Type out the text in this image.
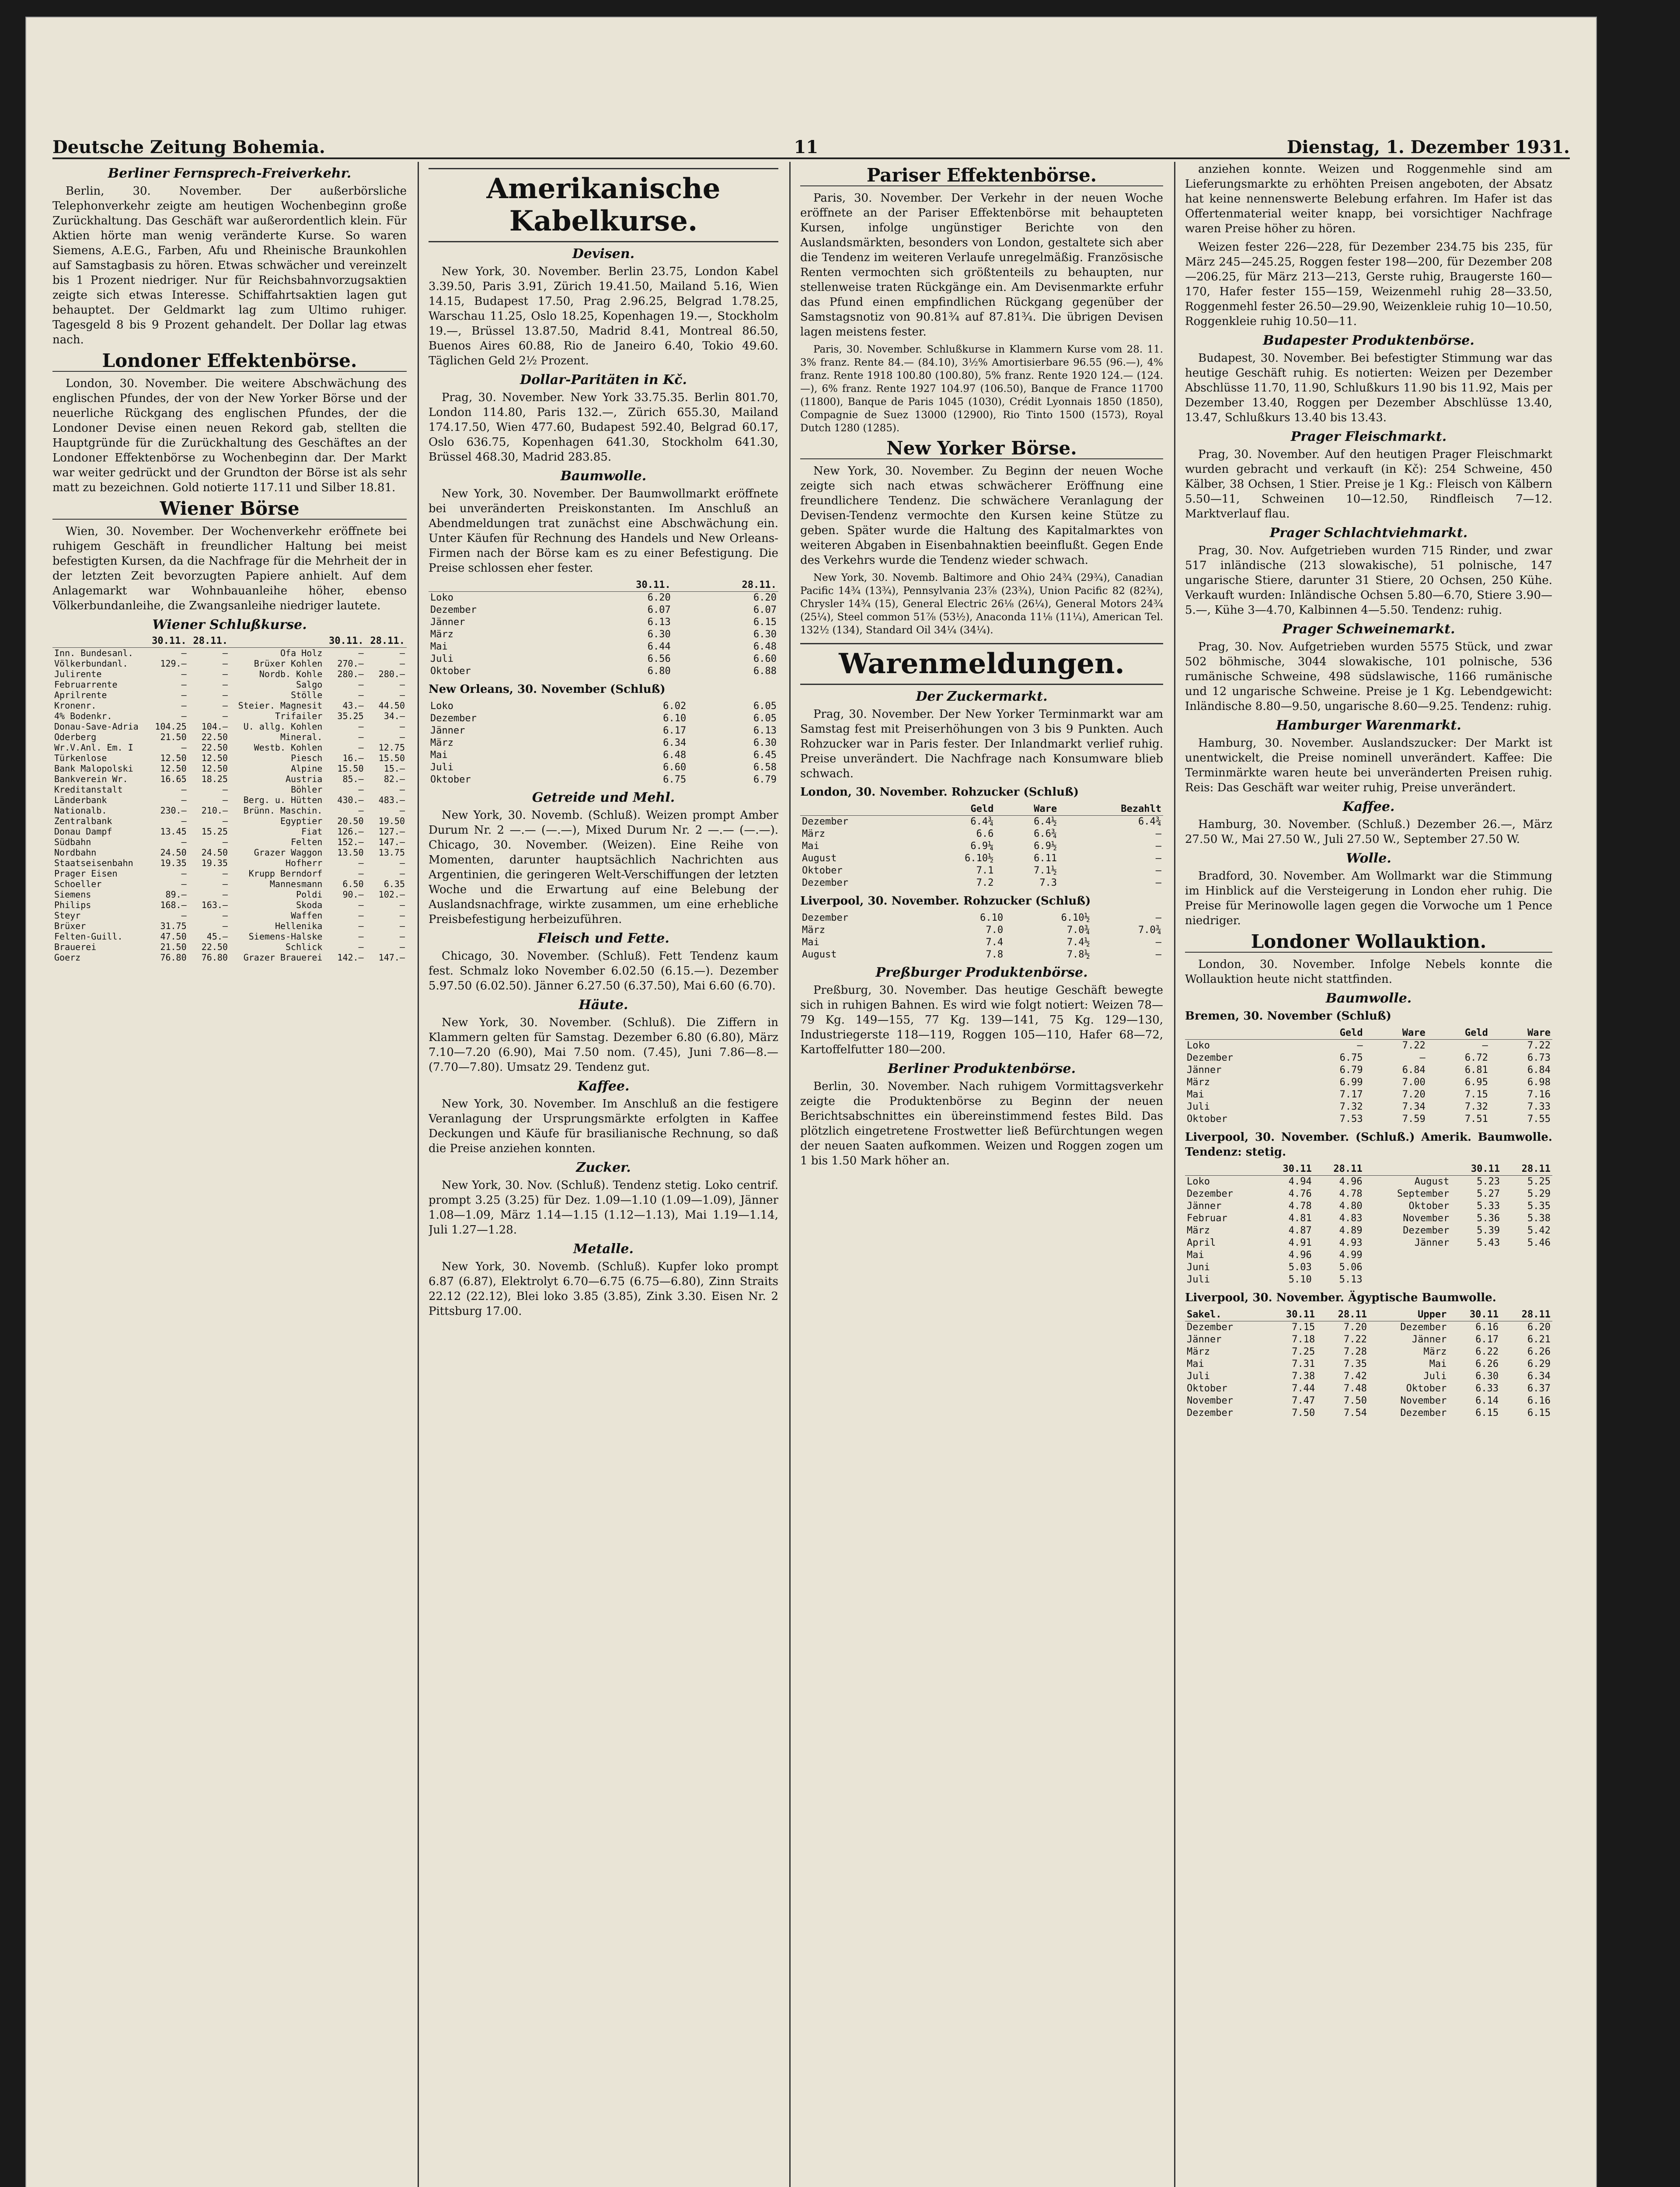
Deutsche Zeitung Bohemia.	11	Dienstag, 1. Dezember 1931.
Berliner Fernsprech-Freiverkehr.

Berlin, 30. November. Der außerbörsliche Telephonverkehr zeigte am heutigen Wochenbeginn große Zurückhaltung. Das Geschäft war außerordentlich klein. Für Aktien hörte man wenig veränderte Kurse. So waren Siemens, A.E.G., Farben, Afu und Rheinische Braunkohlen auf Samstagbasis zu hören. Etwas schwächer und vereinzelt bis 1 Prozent niedriger. Nur für Reichsbahnvorzugsaktien zeigte sich etwas Interesse. Schiffahrtsaktien lagen gut behauptet. Der Geldmarkt lag zum Ultimo ruhiger. Tagesgeld 8 bis 9 Prozent gehandelt. Der Dollar lag etwas nach.

Londoner Effektenbörse.

London, 30. November. Die weitere Abschwächung des englischen Pfundes, der von der New Yorker Börse und der neuerliche Rückgang des englischen Pfundes, der die Londoner Devise einen neuen Rekord gab, stellten die Hauptgründe für die Zurückhaltung des Geschäftes an der Londoner Effektenbörse zu Wochenbeginn dar. Der Markt war weiter gedrückt und der Grundton der Börse ist als sehr matt zu bezeichnen. Gold notierte 117.11 und Silber 18.81.

Wiener Börse

Wien, 30. November. Der Wochenverkehr eröffnete bei ruhigem Geschäft in freundlicher Haltung bei meist befestigten Kursen, da die Nachfrage für die Mehrheit der in der letzten Zeit bevorzugten Papiere anhielt. Auf dem Anlagemarkt war Wohnbauanleihe höher, ebenso Völkerbundanleihe, die Zwangsanleihe niedriger lautete.

Wiener Schlußkurse.
	30.11.	28.11.		30.11.	28.11.
Inn. Bundesanl.	—	—	Ofa Holz	—	—
Völkerbundanl.	129.—	—	Brüxer Kohlen	270.—	—
Julirente	—	—	Nordb. Kohle	280.—	280.—
Februarrente	—	—	Salgo	—	—
Aprilrente	—	—	Stölle	—	—
Kronenr.	—	—	Steier. Magnesit	43.—	44.50
4% Bodenkr.	—	—	Trifailer	35.25	34.—
Donau-Save-Adria	104.25	104.—	U. allg. Kohlen	—	—
Oderberg	21.50	22.50	Mineral.	—	—
Wr.V.Anl. Em. I	—	22.50	Westb. Kohlen	—	12.75
Türkenlose	12.50	12.50	Piesch	16.—	15.50
Bank Malopolski	12.50	12.50	Alpine	15.50	15.—
Bankverein Wr.	16.65	18.25	Austria	85.—	82.—
Kreditanstalt	—	—	Böhler	—	—
Länderbank	—	—	Berg. u. Hütten	430.—	483.—
Nationalb.	230.—	210.—	Brünn. Maschin.	—	—
Zentralbank	—	—	Egyptier	20.50	19.50
Donau Dampf	13.45	15.25	Fiat	126.—	127.—
Südbahn	—	—	Felten	152.—	147.—
Nordbahn	24.50	24.50	Grazer Waggon	13.50	13.75
Staatseisenbahn	19.35	19.35	Hofherr	—	—
Prager Eisen	—	—	Krupp Berndorf	—	—
Schoeller	—	—	Mannesmann	6.50	6.35
Siemens	89.—	—	Poldi	90.—	102.—
Philips	168.—	163.—	Skoda	—	—
Steyr	—	—	Waffen	—	—
Brüxer	31.75	—	Hellenika	—	—
Felten-Guill.	47.50	45.—	Siemens-Halske	—	—
Brauerei	21.50	22.50	Schlick	—	—
Goerz	76.80	76.80	Grazer Brauerei	142.—	147.—
Amerikanische Kabelkurse.
Devisen.

New York, 30. November. Berlin 23.75, London Kabel 3.39.50, Paris 3.91, Zürich 19.41.50, Mailand 5.16, Wien 14.15, Budapest 17.50, Prag 2.96.25, Belgrad 1.78.25, Warschau 11.25, Oslo 18.25, Kopenhagen 19.—, Stockholm 19.—, Brüssel 13.87.50, Madrid 8.41, Montreal 86.50, Buenos Aires 60.88, Rio de Janeiro 6.40, Tokio 49.60. Täglichen Geld 2½ Prozent.

Dollar-Paritäten in Kč.

Prag, 30. November. New York 33.75.35. Berlin 801.70, London 114.80, Paris 132.—, Zürich 655.30, Mailand 174.17.50, Wien 477.60, Budapest 592.40, Belgrad 60.17, Oslo 636.75, Kopenhagen 641.30, Stockholm 641.30, Brüssel 468.30, Madrid 283.85.

Baumwolle.

New York, 30. November. Der Baumwollmarkt eröffnete bei unveränderten Preiskonstanten. Im Anschluß an Abendmeldungen trat zunächst eine Abschwächung ein. Unter Käufen für Rechnung des Handels und New Orleans-Firmen nach der Börse kam es zu einer Befestigung. Die Preise schlossen eher fester.

	30.11.	28.11.
Loko	6.20	6.20
Dezember	6.07	6.07
Jänner	6.13	6.15
März	6.30	6.30
Mai	6.44	6.48
Juli	6.56	6.60
Oktober	6.80	6.88

New Orleans, 30. November (Schluß)

Loko	6.02	6.05
Dezember	6.10	6.05
Jänner	6.17	6.13
März	6.34	6.30
Mai	6.48	6.45
Juli	6.60	6.58
Oktober	6.75	6.79
Getreide und Mehl.

New York, 30. Novemb. (Schluß). Weizen prompt Amber Durum Nr. 2 —.— (—.—), Mixed Durum Nr. 2 —.— (—.—). Chicago, 30. November. (Weizen). Eine Reihe von Momenten, darunter hauptsächlich Nachrichten aus Argentinien, die geringeren Welt-Verschiffungen der letzten Woche und die Erwartung auf eine Belebung der Auslandsnachfrage, wirkte zusammen, um eine erhebliche Preisbefestigung herbeizuführen.

Fleisch und Fette.

Chicago, 30. November. (Schluß). Fett Tendenz kaum fest. Schmalz loko November 6.02.50 (6.15.—). Dezember 5.97.50 (6.02.50). Jänner 6.27.50 (6.37.50), Mai 6.60 (6.70).

Häute.

New York, 30. November. (Schluß). Die Ziffern in Klammern gelten für Samstag. Dezember 6.80 (6.80), März 7.10—7.20 (6.90), Mai 7.50 nom. (7.45), Juni 7.86—8.— (7.70—7.80). Umsatz 29. Tendenz gut.

Kaffee.

New York, 30. November. Im Anschluß an die festigere Veranlagung der Ursprungsmärkte erfolgten in Kaffee Deckungen und Käufe für brasilianische Rechnung, so daß die Preise anziehen konnten.

Zucker.

New York, 30. Nov. (Schluß). Tendenz stetig. Loko centrif. prompt 3.25 (3.25) für Dez. 1.09—1.10 (1.09—1.09), Jänner 1.08—1.09, März 1.14—1.15 (1.12—1.13), Mai 1.19—1.14, Juli 1.27—1.28.

Metalle.

New York, 30. Novemb. (Schluß). Kupfer loko prompt 6.87 (6.87), Elektrolyt 6.70—6.75 (6.75—6.80), Zinn Straits 22.12 (22.12), Blei loko 3.85 (3.85), Zink 3.30. Eisen Nr. 2 Pittsburg 17.00.

Pariser Effektenbörse.

Paris, 30. November. Der Verkehr in der neuen Woche eröffnete an der Pariser Effektenbörse mit behaupteten Kursen, infolge ungünstiger Berichte von den Auslandsmärkten, besonders von London, gestaltete sich aber die Tendenz im weiteren Verlaufe unregelmäßig. Französische Renten vermochten sich größtenteils zu behaupten, nur stellenweise traten Rückgänge ein. Am Devisenmarkte erfuhr das Pfund einen empfindlichen Rückgang gegenüber der Samstagsnotiz von 90.81¾ auf 87.81¾. Die übrigen Devisen lagen meistens fester.

Paris, 30. November. Schlußkurse in Klammern Kurse vom 28. 11. 3% franz. Rente 84.— (84.10), 3½% Amortisierbare 96.55 (96.—), 4% franz. Rente 1918 100.80 (100.80), 5% franz. Rente 1920 124.— (124.—), 6% franz. Rente 1927 104.97 (106.50), Banque de France 11700 (11800), Banque de Paris 1045 (1030), Crédit Lyonnais 1850 (1850), Compagnie de Suez 13000 (12900), Rio Tinto 1500 (1573), Royal Dutch 1280 (1285).

New Yorker Börse.

New York, 30. November. Zu Beginn der neuen Woche zeigte sich nach etwas schwächerer Eröffnung eine freundlichere Tendenz. Die schwächere Veranlagung der Devisen-Tendenz vermochte den Kursen keine Stütze zu geben. Später wurde die Haltung des Kapitalmarktes von weiteren Abgaben in Eisenbahnaktien beeinflußt. Gegen Ende des Verkehrs wurde die Tendenz wieder schwach.

New York, 30. Novemb. Baltimore and Ohio 24¾ (29¾), Canadian Pacific 14¾ (13¾), Pennsylvania 23⅞ (23¾), Union Pacific 82 (82¾), Chrysler 14¾ (15), General Electric 26⅛ (26¼), General Motors 24¾ (25¼), Steel common 51⅞ (53½), Anaconda 11⅛ (11¼), American Tel. 132½ (134), Standard Oil 34¼ (34¼).

Warenmeldungen.
Der Zuckermarkt.

Prag, 30. November. Der New Yorker Terminmarkt war am Samstag fest mit Preiserhöhungen von 3 bis 9 Punkten. Auch Rohzucker war in Paris fester. Der Inlandmarkt verlief ruhig. Preise unverändert. Die Nachfrage nach Konsumware blieb schwach.

London, 30. November. Rohzucker (Schluß)

	Geld	Ware	Bezahlt
Dezember	6.4¾	6.4½	6.4¾
März	6.6	6.6¾	—
Mai	6.9¼	6.9½	—
August	6.10½	6.11	—
Oktober	7.1	7.1½	—
Dezember	7.2	7.3	—

Liverpool, 30. November. Rohzucker (Schluß)

Dezember	6.10	6.10½	—
März	7.0	7.0¾	7.0¾
Mai	7.4	7.4½	—
August	7.8	7.8½	—
Preßburger Produktenbörse.

Preßburg, 30. November. Das heutige Geschäft bewegte sich in ruhigen Bahnen. Es wird wie folgt notiert: Weizen 78—79 Kg. 149—155, 77 Kg. 139—141, 75 Kg. 129—130, Industriegerste 118—119, Roggen 105—110, Hafer 68—72, Kartoffelfutter 180—200.

Berliner Produktenbörse.

Berlin, 30. November. Nach ruhigem Vormittagsverkehr zeigte die Produktenbörse zu Beginn der neuen Berichtsabschnittes ein übereinstimmend festes Bild. Das plötzlich eingetretene Frostwetter ließ Befürchtungen wegen der neuen Saaten aufkommen. Weizen und Roggen zogen um 1 bis 1.50 Mark höher an.

anziehen konnte. Weizen und Roggenmehle sind am Lieferungsmarkte zu erhöhten Preisen angeboten, der Absatz hat keine nennenswerte Belebung erfahren. Im Hafer ist das Offertenmaterial weiter knapp, bei vorsichtiger Nachfrage waren Preise höher zu hören.

Weizen fester 226—228, für Dezember 234.75 bis 235, für März 245—245.25, Roggen fester 198—200, für Dezember 208—206.25, für März 213—213, Gerste ruhig, Braugerste 160—170, Hafer fester 155—159, Weizenmehl ruhig 28—33.50, Roggenmehl fester 26.50—29.90, Weizenkleie ruhig 10—10.50, Roggenkleie ruhig 10.50—11.

Budapester Produktenbörse.

Budapest, 30. November. Bei befestigter Stimmung war das heutige Geschäft ruhig. Es notierten: Weizen per Dezember Abschlüsse 11.70, 11.90, Schlußkurs 11.90 bis 11.92, Mais per Dezember 13.40, Roggen per Dezember Abschlüsse 13.40, 13.47, Schlußkurs 13.40 bis 13.43.

Prager Fleischmarkt.

Prag, 30. November. Auf den heutigen Prager Fleischmarkt wurden gebracht und verkauft (in Kč): 254 Schweine, 450 Kälber, 38 Ochsen, 1 Stier. Preise je 1 Kg.: Fleisch von Kälbern 5.50—11, Schweinen 10—12.50, Rindfleisch 7—12. Marktverlauf flau.

Prager Schlachtviehmarkt.

Prag, 30. Nov. Aufgetrieben wurden 715 Rinder, und zwar 517 inländische (213 slowakische), 51 polnische, 147 ungarische Stiere, darunter 31 Stiere, 20 Ochsen, 250 Kühe. Verkauft wurden: Inländische Ochsen 5.80—6.70, Stiere 3.90—5.—, Kühe 3—4.70, Kalbinnen 4—5.50. Tendenz: ruhig.

Prager Schweinemarkt.

Prag, 30. Nov. Aufgetrieben wurden 5575 Stück, und zwar 502 böhmische, 3044 slowakische, 101 polnische, 536 rumänische Schweine, 498 südslawische, 1166 rumänische und 12 ungarische Schweine. Preise je 1 Kg. Lebendgewicht: Inländische 8.80—9.50, ungarische 8.60—9.25. Tendenz: ruhig.

Hamburger Warenmarkt.

Hamburg, 30. November. Auslandszucker: Der Markt ist unentwickelt, die Preise nominell unverändert. Kaffee: Die Terminmärkte waren heute bei unveränderten Preisen ruhig. Reis: Das Geschäft war weiter ruhig, Preise unverändert.

Kaffee.

Hamburg, 30. November. (Schluß.) Dezember 26.—, März 27.50 W., Mai 27.50 W., Juli 27.50 W., September 27.50 W.

Wolle.

Bradford, 30. November. Am Wollmarkt war die Stimmung im Hinblick auf die Versteigerung in London eher ruhig. Die Preise für Merinowolle lagen gegen die Vorwoche um 1 Pence niedriger.

Londoner Wollauktion.

London, 30. November. Infolge Nebels konnte die Wollauktion heute nicht stattfinden.

Baumwolle.

Bremen, 30. November (Schluß)

	Geld	Ware	Geld	Ware
Loko	—	7.22	—	7.22
Dezember	6.75	—	6.72	6.73
Jänner	6.79	6.84	6.81	6.84
März	6.99	7.00	6.95	6.98
Mai	7.17	7.20	7.15	7.16
Juli	7.32	7.34	7.32	7.33
Oktober	7.53	7.59	7.51	7.55

Liverpool, 30. November. (Schluß.) Amerik. Baumwolle. Tendenz: stetig.

	30.11	28.11		30.11	28.11
Loko	4.94	4.96	August	5.23	5.25
Dezember	4.76	4.78	September	5.27	5.29
Jänner	4.78	4.80	Oktober	5.33	5.35
Februar	4.81	4.83	November	5.36	5.38
März	4.87	4.89	Dezember	5.39	5.42
April	4.91	4.93	Jänner	5.43	5.46
Mai	4.96	4.99			
Juni	5.03	5.06			
Juli	5.10	5.13			

Liverpool, 30. November. Ägyptische Baumwolle.

Sakel.	30.11	28.11	Upper	30.11	28.11
Dezember	7.15	7.20	Dezember	6.16	6.20
Jänner	7.18	7.22	Jänner	6.17	6.21
März	7.25	7.28	März	6.22	6.26
Mai	7.31	7.35	Mai	6.26	6.29
Juli	7.38	7.42	Juli	6.30	6.34
Oktober	7.44	7.48	Oktober	6.33	6.37
November	7.47	7.50	November	6.14	6.16
Dezember	7.50	7.54	Dezember	6.15	6.15
